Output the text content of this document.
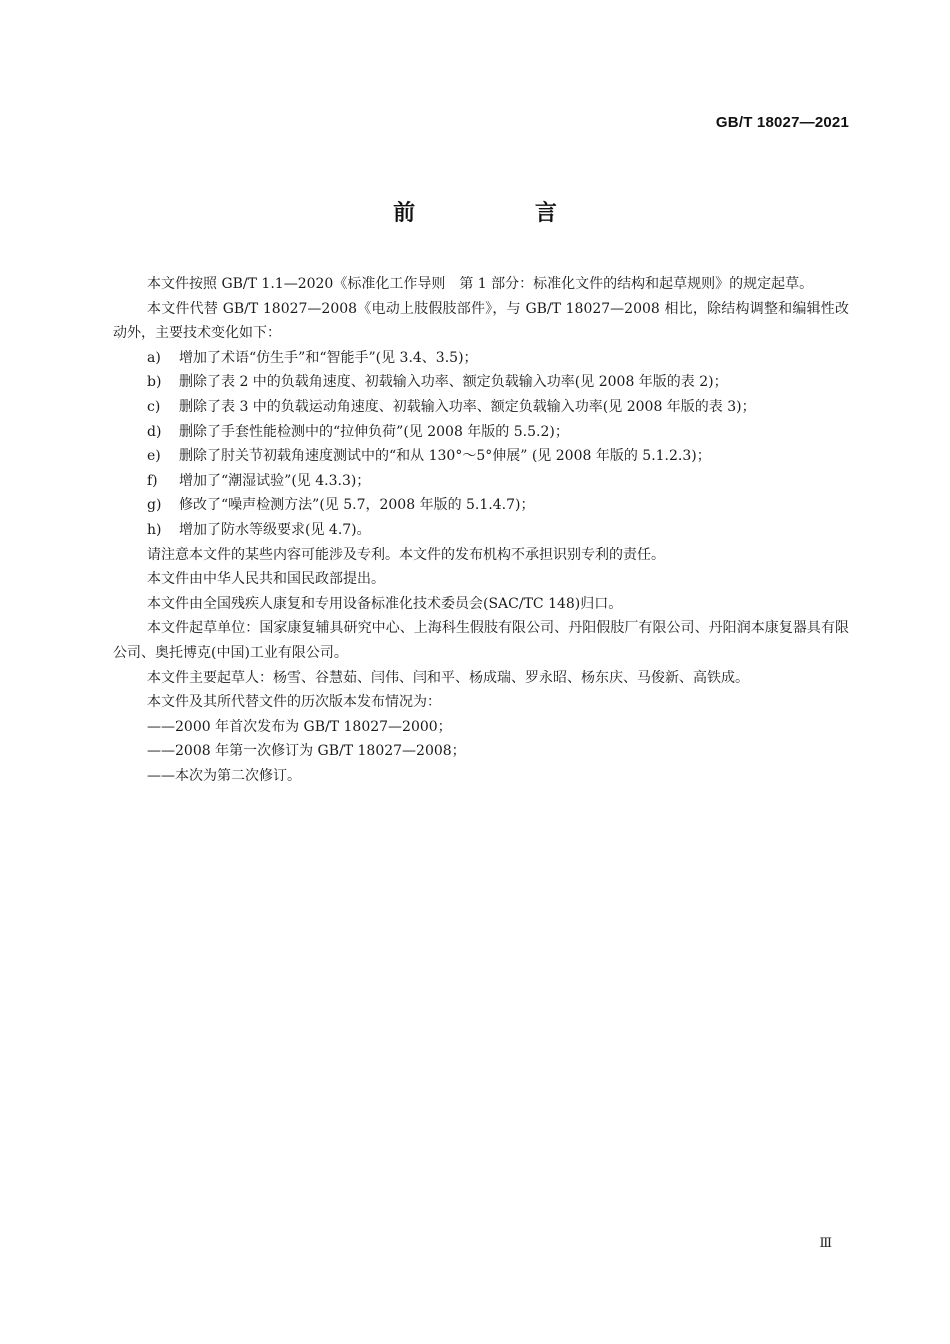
GB/T 18027—2021
前 言

本文件按照 GB/T 1.1—2020《标准化工作导则　第 1 部分：标准化文件的结构和起草规则》的规定起草。

本文件代替 GB/T 18027—2008《电动上肢假肢部件》，与 GB/T 18027—2008 相比，除结构调整和编辑性改动外，主要技术变化如下：

a) 增加了术语“仿生手”和“智能手”(见 3.4、3.5)；

b) 删除了表 2 中的负载角速度、初载输入功率、额定负载输入功率(见 2008 年版的表 2)；

c) 删除了表 3 中的负载运动角速度、初载输入功率、额定负载输入功率(见 2008 年版的表 3)；

d) 删除了手套性能检测中的“拉伸负荷”(见 2008 年版的 5.5.2)；

e) 删除了肘关节初载角速度测试中的“和从 130°～5°伸展” (见 2008 年版的 5.1.2.3)；

f) 增加了“潮湿试验”(见 4.3.3)；

g) 修改了“噪声检测方法”(见 5.7，2008 年版的 5.1.4.7)；

h) 增加了防水等级要求(见 4.7)。

请注意本文件的某些内容可能涉及专利。本文件的发布机构不承担识别专利的责任。

本文件由中华人民共和国民政部提出。

本文件由全国残疾人康复和专用设备标准化技术委员会(SAC/TC 148)归口。

本文件起草单位：国家康复辅具研究中心、上海科生假肢有限公司、丹阳假肢厂有限公司、丹阳润本康复器具有限公司、奥托博克(中国)工业有限公司。

本文件主要起草人：杨雪、谷慧茹、闫伟、闫和平、杨成瑞、罗永昭、杨东庆、马俊新、高铁成。

本文件及其所代替文件的历次版本发布情况为：

——2000 年首次发布为 GB/T 18027—2000；

——2008 年第一次修订为 GB/T 18027—2008；

——本次为第二次修订。

Ⅲ
